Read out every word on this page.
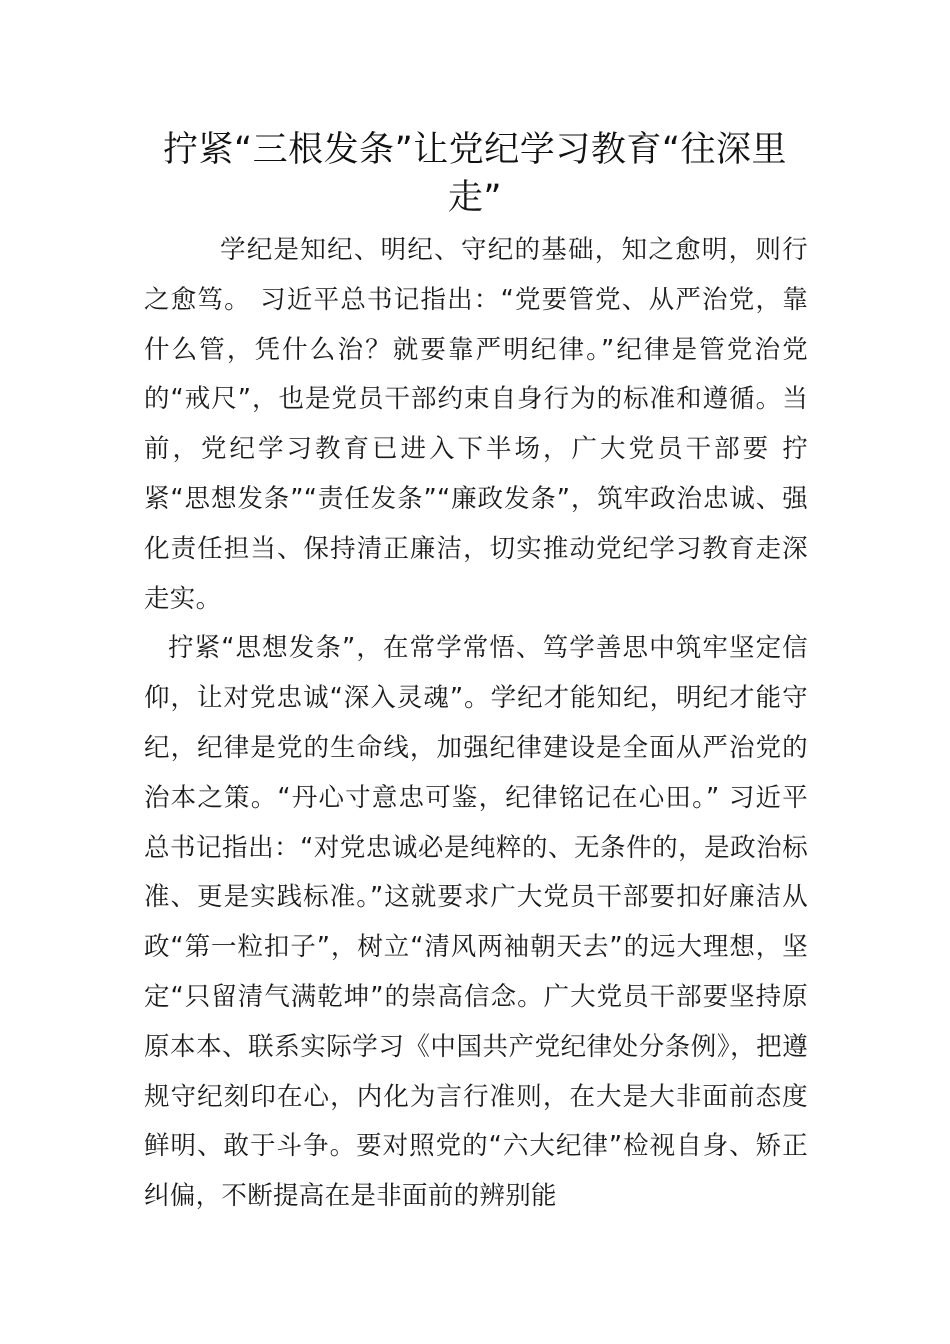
拧紧“三根发条”让党纪学习教育“往深里走”

学纪是知纪、明纪、守纪的基础，知之愈明，则行之愈笃。 习近平总书记指出：“党要管党、从严治党，靠什么管，凭什么治？就要靠严明纪律。”纪律是管党治党的“戒尺”，也是党员干部约束自身行为的标准和遵循。当前，党纪学习教育已进入下半场，广大党员干部要 拧紧“思想发条”“责任发条”“廉政发条”，筑牢政治忠诚、强化责任担当、保持清正廉洁，切实推动党纪学习教育走深走实。

拧紧“思想发条”，在常学常悟、笃学善思中筑牢坚定信仰，让对党忠诚“深入灵魂”。学纪才能知纪，明纪才能守纪，纪律是党的生命线，加强纪律建设是全面从严治党的治本之策。“丹心寸意忠可鉴，纪律铭记在心田。” 习近平总书记指出：“对党忠诚必是纯粹的、无条件的，是政治标准、更是实践标准。”这就要求广大党员干部要扣好廉洁从政“第一粒扣子”，树立“清风两袖朝天去”的远大理想，坚定“只留清气满乾坤”的崇高信念。广大党员干部要坚持原原本本、联系实际学习《中国共产党纪律处分条例》，把遵规守纪刻印在心，内化为言行准则，在大是大非面前态度鲜明、敢于斗争。要对照党的“六大纪律”检视自身、矫正纠偏，不断提高在是非面前的辨别能
